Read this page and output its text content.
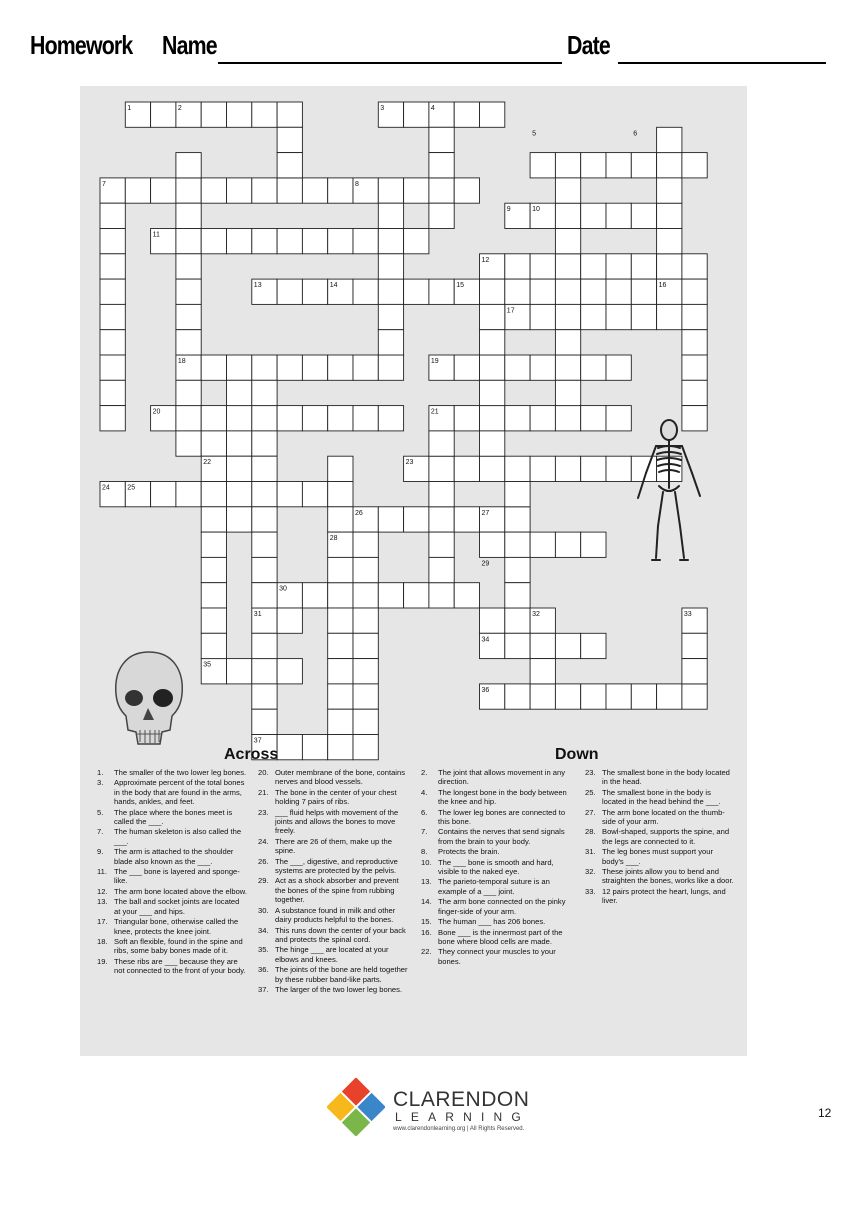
Homework Name	Date
1	2	3	4
5	6
7	8
9	10
11
12
13	14	15	16
17
18	19
20	21
22	23
24	25
26	27
28
29
30
31	32	33
34
35
36
37
Across	Down
1. The smaller of the two lower leg bones.
3. Approximate percent of the total bones in the body that are found in the arms, hands, ankles, and feet.
5. The place where the bones meet is called the ___.
7. The human skeleton is also called the ___.
9. The arm is attached to the shoulder blade also known as the ___.
11. The ___ bone is layered and sponge-like.
12. The arm bone located above the elbow.
13. The ball and socket joints are located at your ___ and hips.
17. Triangular bone, otherwise called the knee, protects the knee joint.
18. Soft an flexible, found in the spine and ribs, some baby bones made of it.
19. These ribs are ___ because they are not connected to the front of your body.
20. Outer membrane of the bone, contains nerves and blood vessels.
21. The bone in the center of your chest holding 7 pairs of ribs.
23. ___ fluid helps with movement of the joints and allows the bones to move freely.
24. There are 26 of them, make up the spine.
26. The ___, digestive, and reproductive systems are protected by the pelvis.
29. Act as a shock absorber and prevent the bones of the spine from rubbing together.
30. A substance found in milk and other dairy products helpful to the bones.
34. This runs down the center of your back and protects the spinal cord.
35. The hinge ___ are located at your elbows and knees.
36. The joints of the bone are held together by these rubber band-like parts.
37. The larger of the two lower leg bones.
2. The joint that allows movement in any direction.
4. The longest bone in the body between the knee and hip.
6. The lower leg bones are connected to this bone.
7. Contains the nerves that send signals from the brain to your body.
8. Protects the brain.
10. The ___ bone is smooth and hard, visible to the naked eye.
13. The parieto-temporal suture is an example of a ___ joint.
14. The arm bone connected on the pinky finger-side of your arm.
15. The human ___ has 206 bones.
16. Bone ___ is the innermost part of the bone where blood cells are made.
22. They connect your muscles to your bones.
23. The smallest bone in the body located in the head.
25. The smallest bone in the body is located in the head behind the ___.
27. The arm bone located on the thumb-side of your arm.
28. Bowl-shaped, supports the spine, and the legs are connected to it.
31. The leg bones must support your body's ___.
32. These joints allow you to bend and straighten the bones, works like a door.
33. 12 pairs protect the heart, lungs, and liver.
CLARENDON
LEARNING
www.clarendonlearning.org | All Rights Reserved.
12
